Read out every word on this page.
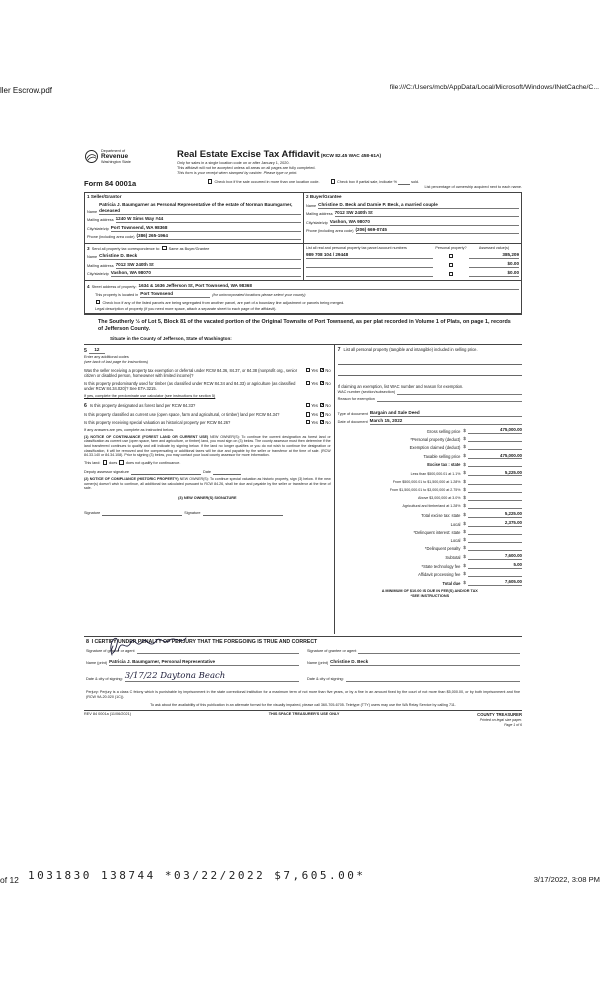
ller Escrow.pdf	file:///C:/Users/mcb/AppData/Local/Microsoft/Windows/INetCache/C...
Department of
Revenue
Washington State
Real Estate Excise Tax Affidavit (RCW 82.45 WAC 458-61A)
Only for sales in a single location code on or after January 1, 2020.
This affidavit will not be accepted unless all areas on all pages are fully completed.
This form is your receipt when stamped by cashier. Please type or print.
Form 84 0001a	Check box if the sale occurred in more than one location code.	Check box if partial sale, indicate %	sold.
List percentage of ownership acquired next to each name.
1 Seller/Grantor
Name
Patricia J. Baumgarner as Personal Representative of the estate of Norman Baumgarner, deceased
Mailing address 1240 W Sims Way #44
City/state/zip Port Townsend, WA 98368
Phone (including area code) (386) 265-1964
2 Buyer/Grantee
Name Christine D. Beck and Darnie P. Beck, a married couple
Mailing address 7012 SW 240th St
City/state/zip Vashon, WA 98070
Phone (including area code) (206) 669-0745
3 Send all property tax correspondence to: Same as Buyer/Grantee
Name Christine D. Beck
Mailing address 7012 SW 240th St
City/state/zip Vashon, WA 98070
List all real and personal property tax parcel account numbers	Personal property?	Assessed value(s)
989 708 104 / 29448	385,209
$0.00
$0.00
4 Street address of property: 1634 & 1636 Jefferson St, Port Townsend, WA 98368
This property is located in Port Townsend	(for unincorporated locations please select your county)
Check box if any of the listed parcels are being segregated from another parcel, are part of a boundary line adjustment or parcels being merged.
Legal description of property (if you need more space, attach a separate sheet to each page of the affidavit).
The Southerly ½ of Lot 5, Block 81 of the vacated portion of the Original Townsite of Port Townsend, as per plat recorded in Volume 1 of Plats, on page 1, records of Jefferson County.
Situate in the County of Jefferson, State of Washington:
5	12
Enter any additional codes
(see back of last page for instructions)
Was the seller receiving a property tax exemption or deferral under RCW 84.36, 84.37, or 84.38 (nonprofit org., senior citizen or disabled person, homeowner with limited income)?
Yes ✕ No
Is this property predominantly used for timber (as classified under RCW 84.34 and 84.33) or agriculture (as classified under RCW 84.34.020)? See ETA 3215.
Yes ✕ No
If yes, complete the predominate use calculator (see instructions for section 5)
6 Is this property designated as forest land per RCW 84.33?	Yes ✕ No
Is this property classified as current use (open space, farm and agricultural, or timber) land per RCW 84.34?	Yes ✕ No
Is this property receiving special valuation as historical property per RCW 84.26?	Yes ✕ No
If any answers are yes, complete as instructed below.
(1) NOTICE OF CONTINUANCE (FOREST LAND OR CURRENT USE) NEW OWNER(S): To continue the current designation as forest land or classification as current use (open space, farm and agriculture, or timber) land, you must sign on (3) below. The county assessor must then determine if the land transferred continues to qualify and will indicate by signing below. If the land no longer qualifies or you do not wish to continue the designation or classification, it will be removed and the compensating or additional taxes will be due and payable by the seller or transferor at the time of sale. (RCW 84.33.140 or 84.34.108). Prior to signing (3) below, you may contact your local county assessor for more information.
This land: does does not qualify for continuance.
Deputy assessor signature	Date
(2) NOTICE OF COMPLIANCE (HISTORIC PROPERTY) NEW OWNER(S): To continue special valuation as historic property, sign (3) below. If the new owner(s) doesn't wish to continue, all additional tax calculated pursuant to RCW 84.26, shall be due and payable by the seller or transferor at the time of sale.
(3) NEW OWNER(S) SIGNATURE
Signature	Signature
7 List all personal property (tangible and intangible) included in selling price.

If claiming an exemption, list WAC number and reason for exemption.
WAC number (section/subsection)
Reason for exemption
Type of document Bargain and Sale Deed
Date of document March 15, 2022
Gross selling price $	475,000.00
*Personal property (deduct) $
Exemption claimed (deduct) $
Taxable selling price $	475,000.00
Excise tax : state $
Less than $500,000.01 at 1.1% $	5,225.00
From $500,000.01 to $1,500,000 at 1.28% $
From $1,500,000.01 to $3,000,000 at 2.75% $
Above $3,000,000 at 3.0% $
Agricultural and timberland at 1.28% $
Total excise tax: state $	5,225.00
Local $	2,375.00
*Delinquent interest: state $
Local $
*Delinquent penalty $
Subtotal $	7,600.00
*State technology fee $	5.00
Affidavit processing fee $
Total due $	7,605.00
A MINIMUM OF $10.00 IS DUE IN FEE(S) AND/OR TAX
*SEE INSTRUCTIONS
8 I CERTIFY UNDER PENALTY OF PERJURY THAT THE FOREGOING IS TRUE AND CORRECT
Signature of grantor or agent	Signature of grantee or agent
Name (print) Patricia J. Baumgarner, Personal Representative	Name (print) Christine D. Beck
Date & city of signing: 3/17/22 Daytona Beach	Date & city of signing:
Perjury: Perjury is a class C felony which is punishable by imprisonment in the state correctional institution for a maximum term of not more than five years, or by a fine in an amount fixed by the court of not more than $5,000.00, or by both imprisonment and fine (RCW 9A.20.020 (1C)).
To ask about the availability of this publication in an alternate format for the visually impaired, please call 360-705-6705. Teletype (TTY) users may use the WA Relay Service by calling 711.
REV 84 0001a (11/06/2021)	THIS SPACE TREASURER'S USE ONLY	COUNTY TREASURER
Printed on legal size paper.
Page 1 of 6
of 12 1031830 138744 *03/22/2022 $7,605.00*	3/17/2022, 3:08 PM
